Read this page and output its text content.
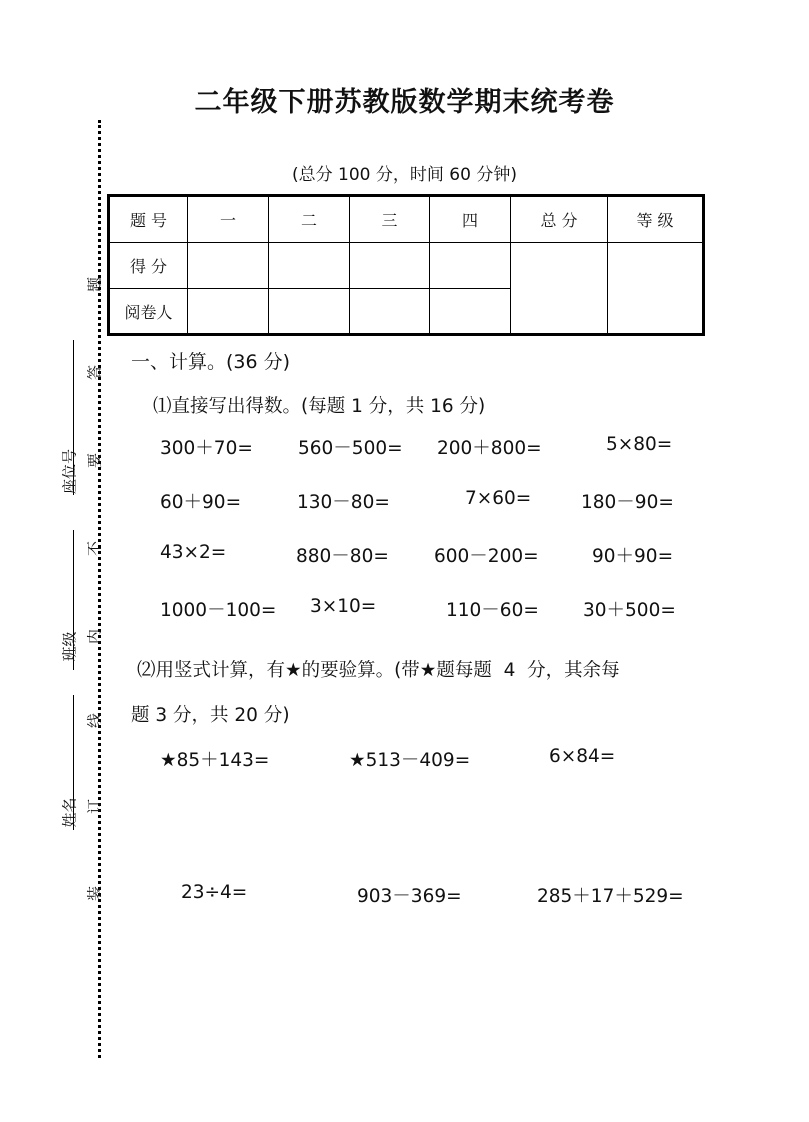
二年级下册苏教版数学期末统考卷
(总分 100 分，时间 60 分钟)
题 号	一	二	三	四	总 分	等 级
得 分						
阅卷人						
题
答
要
不
内
线
订
装
座位号
班级
姓名
一、计算。(36 分)
⑴直接写出得数。(每题 1 分，共 16 分)
300＋70= 560－500= 200＋800=	5×80=
60＋90=	130－80=	7×60=	180－90=
43×2=	880－80= 600－200=	90＋90=
1000－100= 3×10=	110－60= 30＋500=
⑵用竖式计算，有★的要验算。(带★题每题  4  分，其余每
题 3 分，共 20 分)
★85＋143=	★513－409=	6×84=
23÷4=	903－369=	285＋17＋529=
